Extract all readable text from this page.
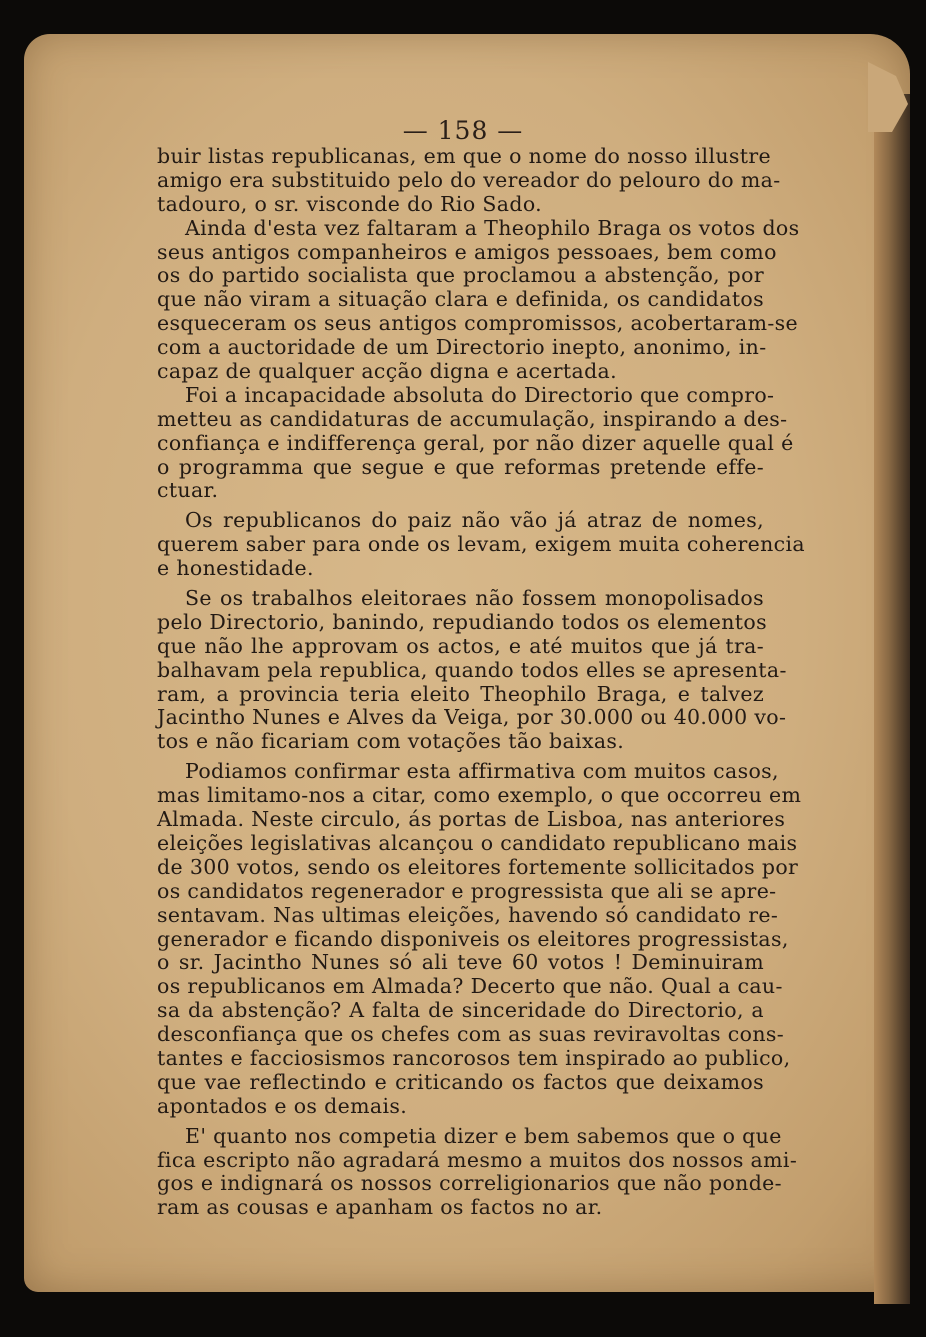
— 158 —
buir listas republicanas, em que o nome do nosso illustre
amigo era substituido pelo do vereador do pelouro do ma-
tadouro, o sr. visconde do Rio Sado.
Ainda d'esta vez faltaram a Theophilo Braga os votos dos
seus antigos companheiros e amigos pessoaes, bem como
os do partido socialista que proclamou a abstenção, por
que não viram a situação clara e definida, os candidatos
esqueceram os seus antigos compromissos, acobertaram-se
com a auctoridade de um Directorio inepto, anonimo, in-
capaz de qualquer acção digna e acertada.
Foi a incapacidade absoluta do Directorio que compro-
metteu as candidaturas de accumulação, inspirando a des-
confiança e indifferença geral, por não dizer aquelle qual é
o programma que segue e que reformas pretende effe-
ctuar.
Os republicanos do paiz não vão já atraz de nomes,
querem saber para onde os levam, exigem muita coherencia
e honestidade.
Se os trabalhos eleitoraes não fossem monopolisados
pelo Directorio, banindo, repudiando todos os elementos
que não lhe approvam os actos, e até muitos que já tra-
balhavam pela republica, quando todos elles se apresenta-
ram, a provincia teria eleito Theophilo Braga, e talvez
Jacintho Nunes e Alves da Veiga, por 30.000 ou 40.000 vo-
tos e não ficariam com votações tão baixas.
Podiamos confirmar esta affirmativa com muitos casos,
mas limitamo-nos a citar, como exemplo, o que occorreu em
Almada. Neste circulo, ás portas de Lisboa, nas anteriores
eleições legislativas alcançou o candidato republicano mais
de 300 votos, sendo os eleitores fortemente sollicitados por
os candidatos regenerador e progressista que ali se apre-
sentavam. Nas ultimas eleições, havendo só candidato re-
generador e ficando disponiveis os eleitores progressistas,
o sr. Jacintho Nunes só ali teve 60 votos ! Deminuiram
os republicanos em Almada? Decerto que não. Qual a cau-
sa da abstenção? A falta de sinceridade do Directorio, a
desconfiança que os chefes com as suas reviravoltas cons-
tantes e facciosismos rancorosos tem inspirado ao publico,
que vae reflectindo e criticando os factos que deixamos
apontados e os demais.
E' quanto nos competia dizer e bem sabemos que o que
fica escripto não agradará mesmo a muitos dos nossos ami-
gos e indignará os nossos correligionarios que não ponde-
ram as cousas e apanham os factos no ar.
